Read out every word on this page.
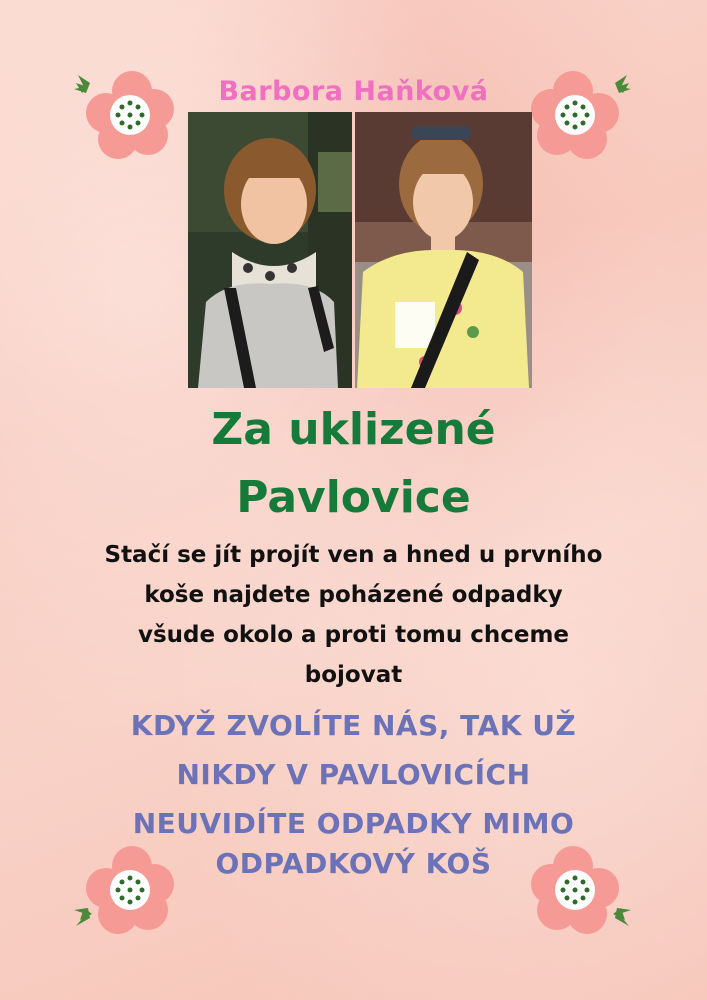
Barbora Haňková
Za uklizené
Pavlovice
Stačí se jít projít ven a hned u prvního
koše najdete poházené odpadky
všude okolo a proti tomu chceme
bojovat
KDYŽ ZVOLÍTE NÁS, TAK UŽ
NIKDY V PAVLOVICÍCH
NEUVIDÍTE ODPADKY MIMO
ODPADKOVÝ KOŠ
